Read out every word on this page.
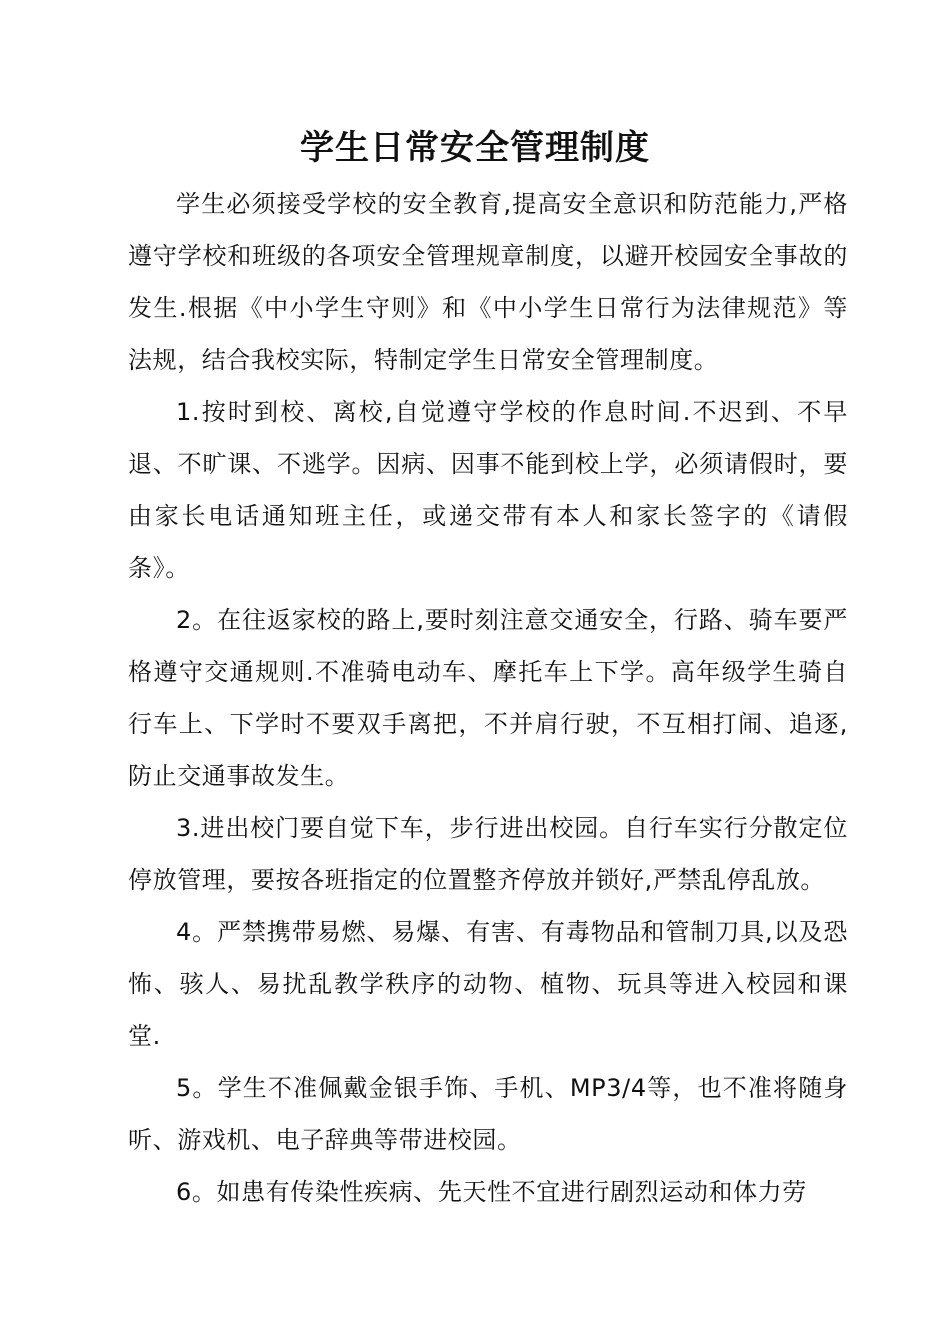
学生日常安全管理制度

学生必须接受学校的安全教育,提高安全意识和防范能力,严格遵守学校和班级的各项安全管理规章制度，以避开校园安全事故的发生.根据《中小学生守则》和《中小学生日常行为法律规范》等法规，结合我校实际，特制定学生日常安全管理制度。

1.按时到校、离校,自觉遵守学校的作息时间.不迟到、不早退、不旷课、不逃学。因病、因事不能到校上学，必须请假时，要由家长电话通知班主任，或递交带有本人和家长签字的《请假条》。

2。在往返家校的路上,要时刻注意交通安全，行路、骑车要严格遵守交通规则.不准骑电动车、摩托车上下学。高年级学生骑自行车上、下学时不要双手离把，不并肩行驶，不互相打闹、追逐,防止交通事故发生。

3.进出校门要自觉下车，步行进出校园。自行车实行分散定位停放管理，要按各班指定的位置整齐停放并锁好,严禁乱停乱放。

4。严禁携带易燃、易爆、有害、有毒物品和管制刀具,以及恐怖、骇人、易扰乱教学秩序的动物、植物、玩具等进入校园和课堂.

5。学生不准佩戴金银手饰、手机、MP3/4等，也不准将随身听、游戏机、电子辞典等带进校园。

6。如患有传染性疾病、先天性不宜进行剧烈运动和体力劳
